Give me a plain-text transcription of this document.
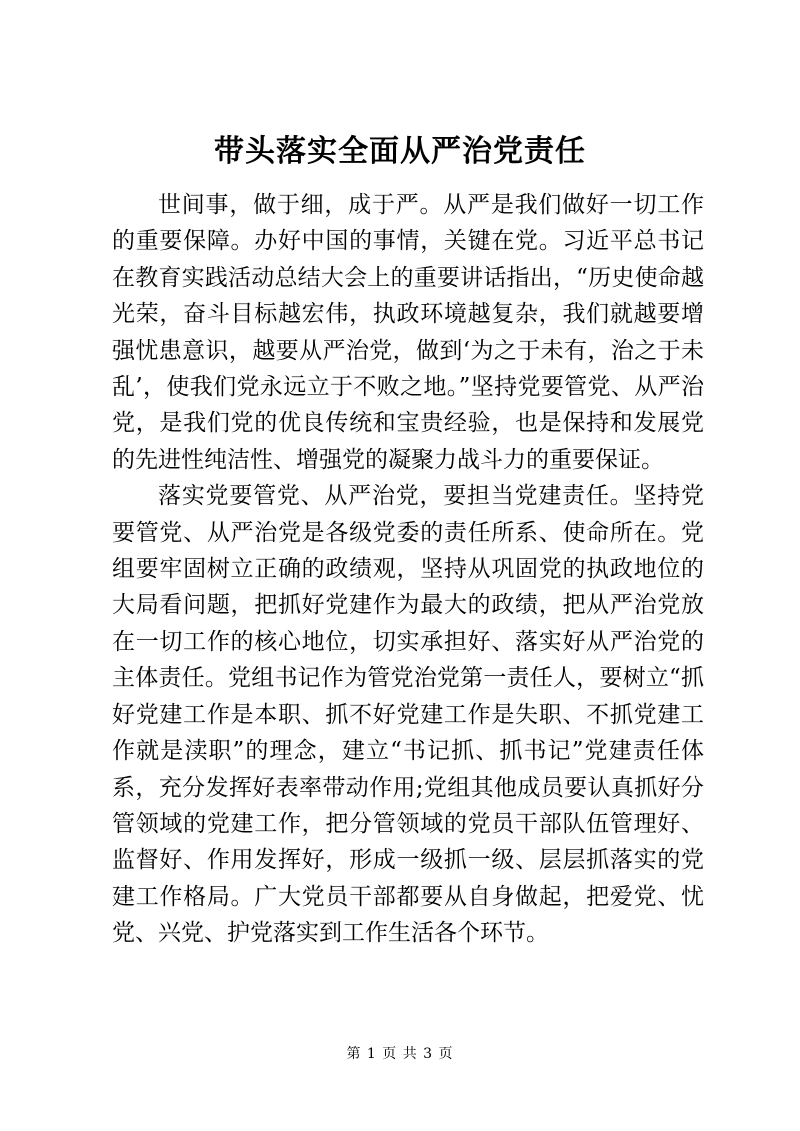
带头落实全面从严治党责任

世间事，做于细，成于严。从严是我们做好一切工作的重要保障。办好中国的事情，关键在党。习近平总书记在教育实践活动总结大会上的重要讲话指出，“历史使命越光荣，奋斗目标越宏伟，执政环境越复杂，我们就越要增强忧患意识，越要从严治党，做到‘为之于未有，治之于未乱’，使我们党永远立于不败之地。”坚持党要管党、从严治党，是我们党的优良传统和宝贵经验，也是保持和发展党的先进性纯洁性、增强党的凝聚力战斗力的重要保证。

落实党要管党、从严治党，要担当党建责任。坚持党要管党、从严治党是各级党委的责任所系、使命所在。党组要牢固树立正确的政绩观，坚持从巩固党的执政地位的大局看问题，把抓好党建作为最大的政绩，把从严治党放在一切工作的核心地位，切实承担好、落实好从严治党的主体责任。党组书记作为管党治党第一责任人，要树立“抓好党建工作是本职、抓不好党建工作是失职、不抓党建工作就是渎职”的理念，建立“书记抓、抓书记”党建责任体系，充分发挥好表率带动作用;党组其他成员要认真抓好分管领域的党建工作，把分管领域的党员干部队伍管理好、监督好、作用发挥好，形成一级抓一级、层层抓落实的党建工作格局。广大党员干部都要从自身做起，把爱党、忧党、兴党、护党落实到工作生活各个环节。

第 1 页 共 3 页
